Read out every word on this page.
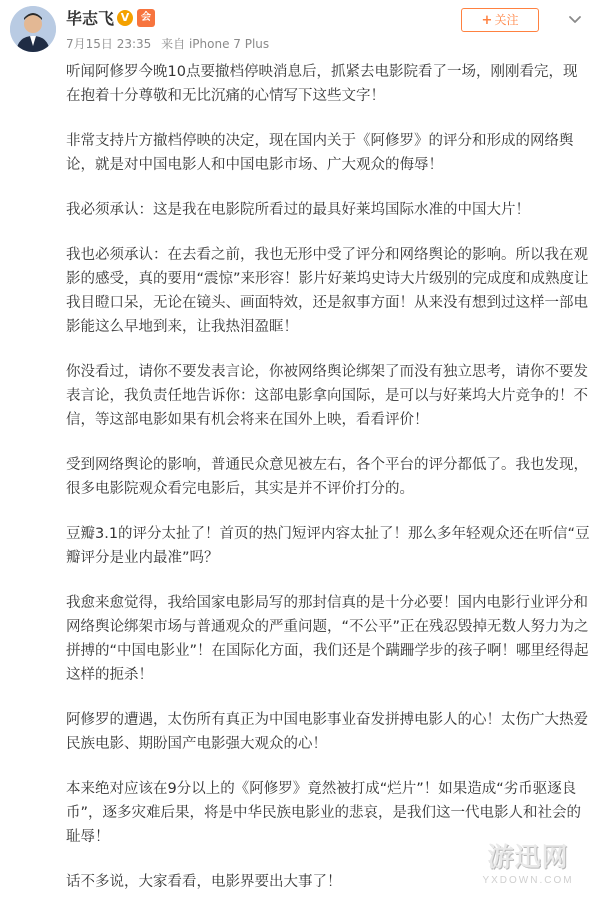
毕志飞 V	会
7月15日 23:35 来自 iPhone 7 Plus
+ 关注

听闻阿修罗今晚10点要撤档停映消息后，抓紧去电影院看了一场，刚刚看完，现在抱着十分尊敬和无比沉痛的心情写下这些文字！

非常支持片方撤档停映的决定，现在国内关于《阿修罗》的评分和形成的网络舆论，就是对中国电影人和中国电影市场、广大观众的侮辱！

我必须承认：这是我在电影院所看过的最具好莱坞国际水准的中国大片！

我也必须承认：在去看之前，我也无形中受了评分和网络舆论的影响。所以我在观影的感受，真的要用“震惊”来形容！影片好莱坞史诗大片级别的完成度和成熟度让我目瞪口呆，无论在镜头、画面特效，还是叙事方面！从来没有想到过这样一部电影能这么早地到来，让我热泪盈眶！

你没看过，请你不要发表言论，你被网络舆论绑架了而没有独立思考，请你不要发表言论，我负责任地告诉你：这部电影拿向国际，是可以与好莱坞大片竞争的！不信，等这部电影如果有机会将来在国外上映，看看评价！

受到网络舆论的影响，普通民众意见被左右，各个平台的评分都低了。我也发现，很多电影院观众看完电影后，其实是并不评价打分的。

豆瓣3.1的评分太扯了！首页的热门短评内容太扯了！那么多年轻观众还在听信“豆瓣评分是业内最准”吗？

我愈来愈觉得，我给国家电影局写的那封信真的是十分必要！国内电影行业评分和网络舆论绑架市场与普通观众的严重问题，“不公平”正在残忍毁掉无数人努力为之拼搏的“中国电影业”！在国际化方面，我们还是个蹒跚学步的孩子啊！哪里经得起这样的扼杀！

阿修罗的遭遇，太伤所有真正为中国电影事业奋发拼搏电影人的心！太伤广大热爱民族电影、期盼国产电影强大观众的心！

本来绝对应该在9分以上的《阿修罗》竟然被打成“烂片”！如果造成“劣币驱逐良币”，逐多灾难后果，将是中华民族电影业的悲哀，是我们这一代电影人和社会的耻辱！

话不多说，大家看看，电影界要出大事了！

游迅网
YXDOWN.COM
